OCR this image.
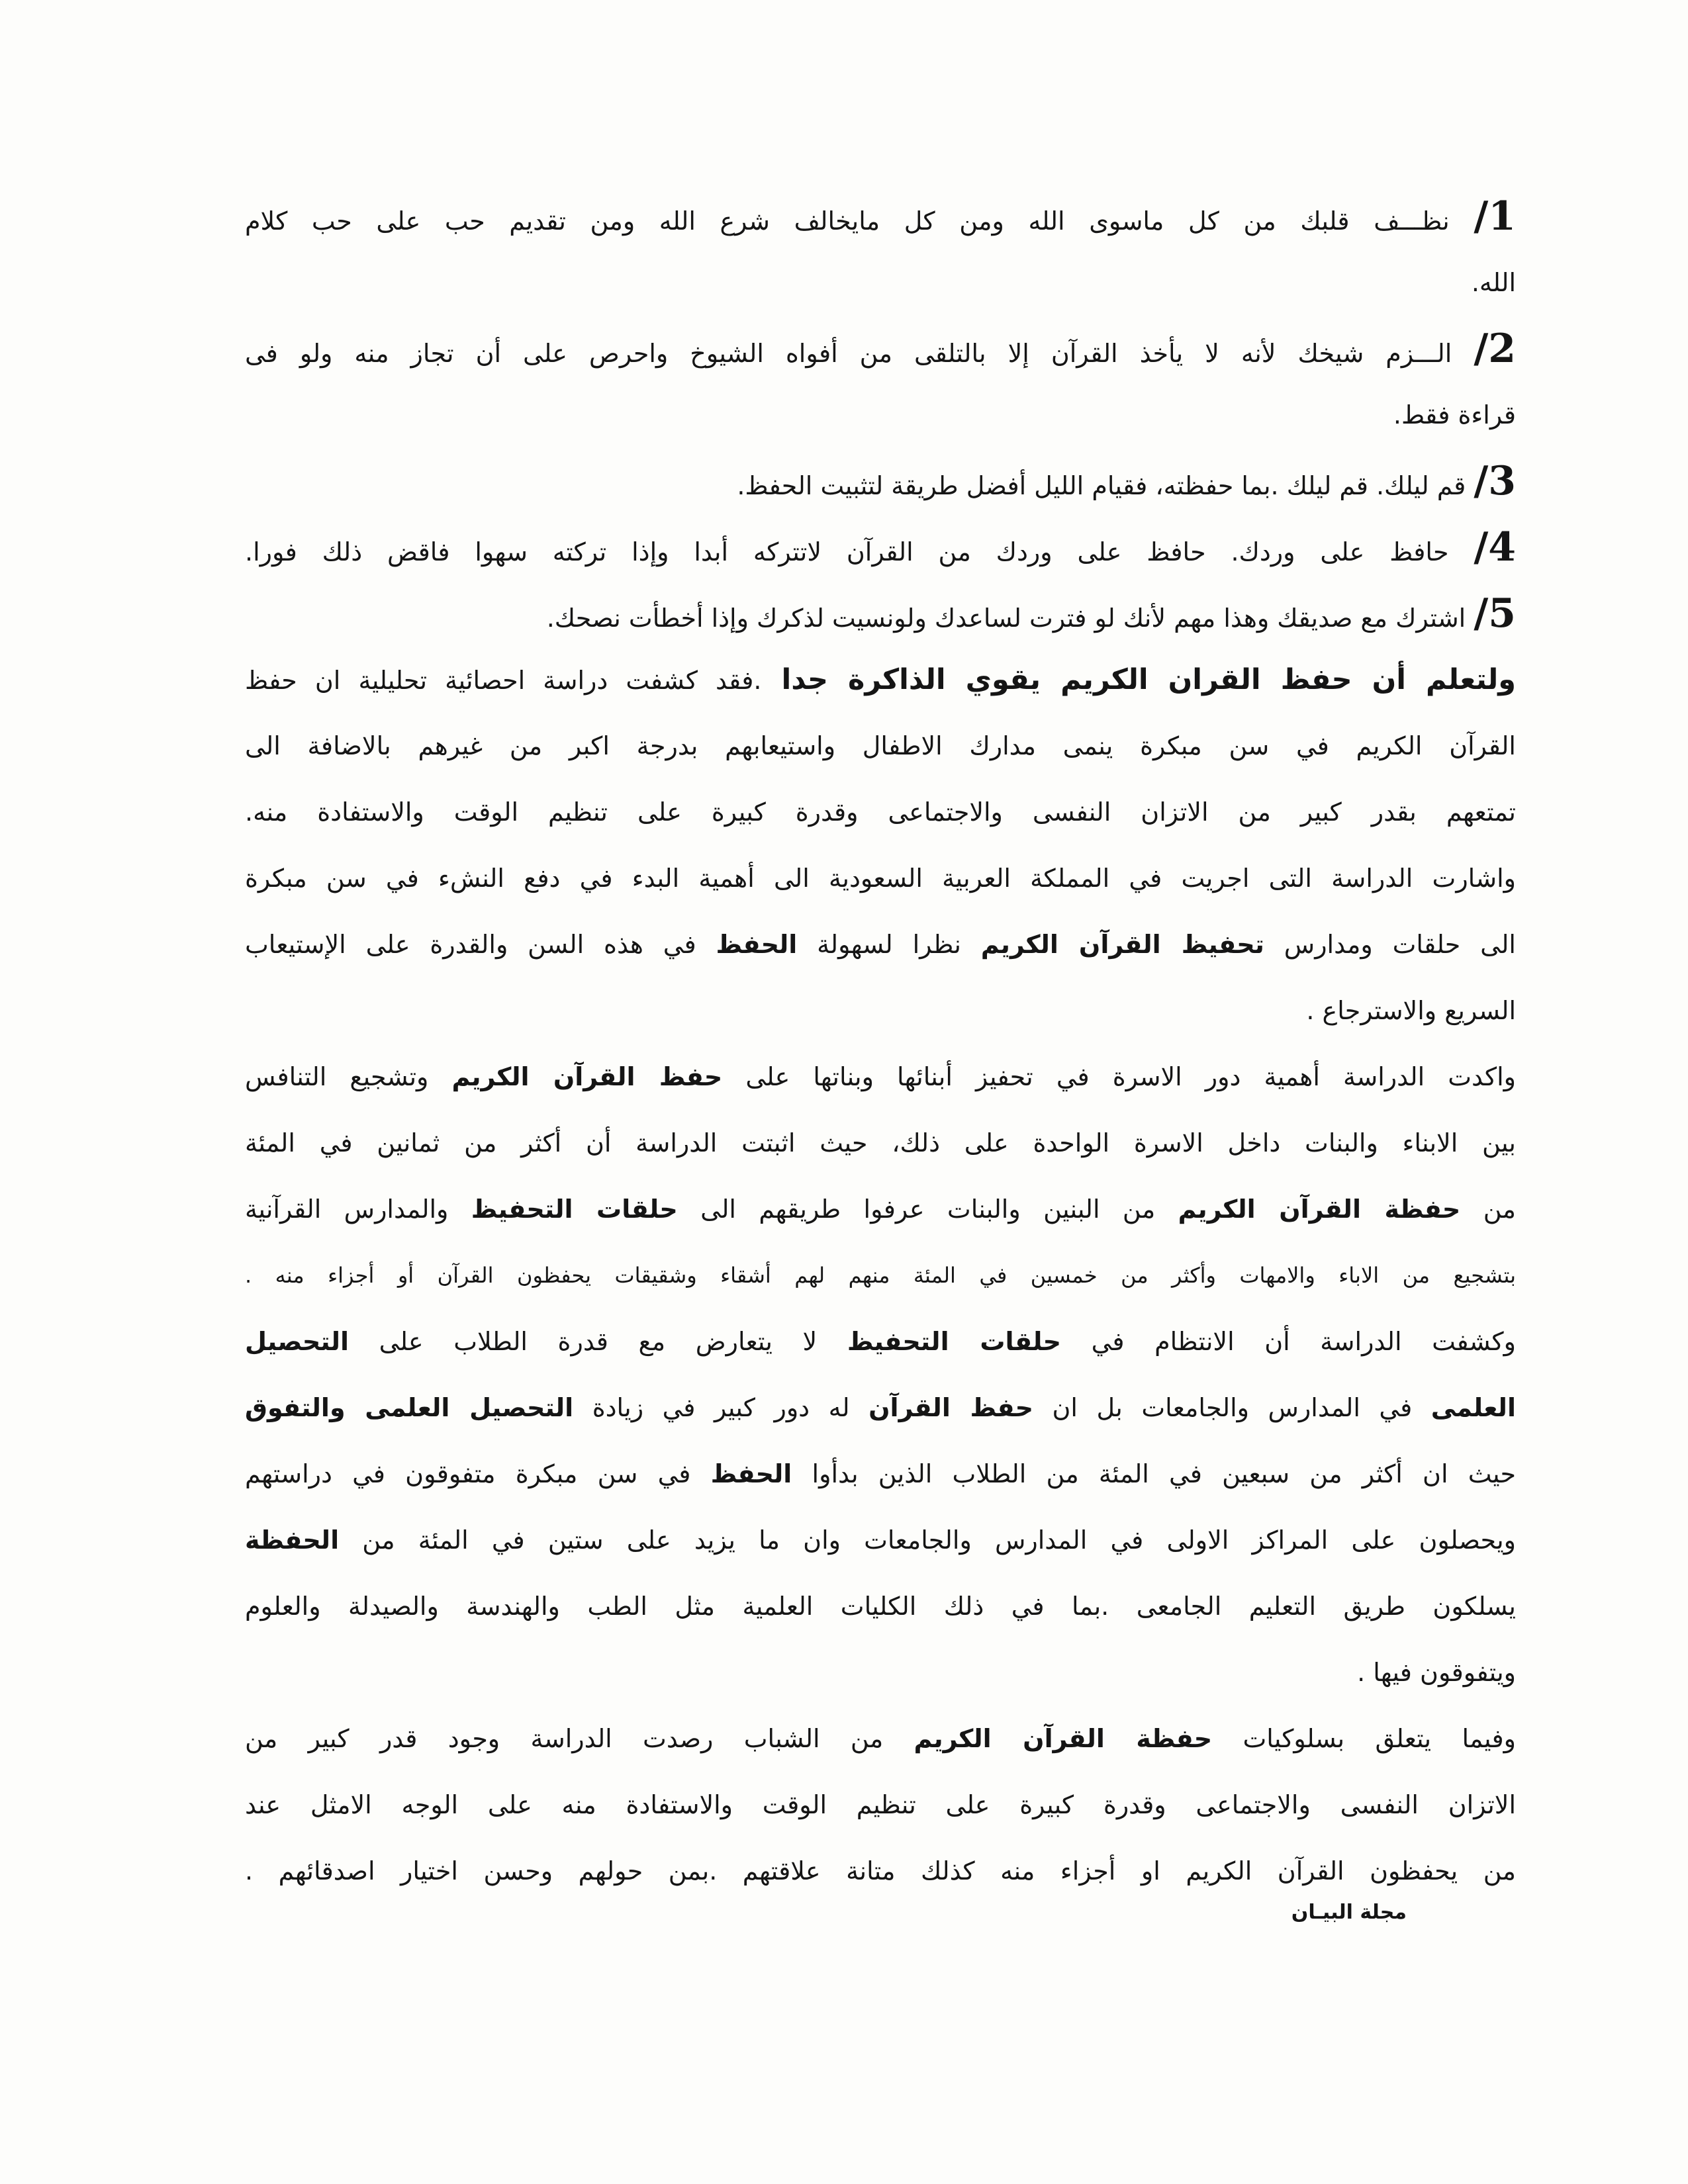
1/ نظـــف قلبك من كل ماسوى الله ومن كل مايخالف شرع الله ومن تقديم حب على حب كلام
الله.
2/ الـــزم شيخك لأنه لا يأخذ القرآن إلا بالتلقى من أفواه الشيوخ واحرص على أن تجاز منه ولو فى
قراءة فقط.
3/ قم ليلك. قم ليلك .بما حفظته، فقيام الليل أفضل طريقة لتثبيت الحفظ.
4/ حافظ على وردك. حافظ على وردك من القرآن لاتتركه أبدا وإذا تركته سهوا فاقض ذلك فورا.
5/ اشترك مع صديقك وهذا مهم لأنك لو فترت لساعدك ولونسيت لذكرك وإذا أخطأت نصحك.
ولتعلم أن حفظ القران الكريم يقوي الذاكرة جدا .فقد كشفت دراسة احصائية تحليلية ان حفظ
القرآن الكريم في سن مبكرة ينمى مدارك الاطفال واستيعابهم بدرجة اكبر من غيرهم بالاضافة الى
تمتعهم بقدر كبير من الاتزان النفسى والاجتماعى وقدرة كبيرة على تنظيم الوقت والاستفادة منه.
واشارت الدراسة التى اجريت في المملكة العربية السعودية الى أهمية البدء في دفع النشء في سن مبكرة
الى حلقات ومدارس تحفيظ القرآن الكريم نظرا لسهولة الحفظ في هذه السن والقدرة على الإستيعاب
السريع والاسترجاع .
واكدت الدراسة أهمية دور الاسرة في تحفيز أبنائها وبناتها على حفظ القرآن الكريم وتشجيع التنافس
بين الابناء والبنات داخل الاسرة الواحدة على ذلك، حيث اثبتت الدراسة أن أكثر من ثمانين في المئة
من حفظة القرآن الكريم من البنين والبنات عرفوا طريقهم الى حلقات التحفيظ والمدارس القرآنية
بتشجيع من الاباء والامهات وأكثر من خمسين في المئة منهم لهم أشقاء وشقيقات يحفظون القرآن أو أجزاء منه .
وكشفت الدراسة أن الانتظام في حلقات التحفيظ لا يتعارض مع قدرة الطلاب على التحصيل
العلمى في المدارس والجامعات بل ان حفظ القرآن له دور كبير في زيادة التحصيل العلمى والتفوق
حيث ان أكثر من سبعين في المئة من الطلاب الذين بدأوا الحفظ في سن مبكرة متفوقون في دراستهم
ويحصلون على المراكز الاولى في المدارس والجامعات وان ما يزيد على ستين في المئة من الحفظة
يسلكون طريق التعليم الجامعى .بما في ذلك الكليات العلمية مثل الطب والهندسة والصيدلة والعلوم
ويتفوقون فيها .
وفيما يتعلق بسلوكيات حفظة القرآن الكريم من الشباب رصدت الدراسة وجود قدر كبير من
الاتزان النفسى والاجتماعى وقدرة كبيرة على تنظيم الوقت والاستفادة منه على الوجه الامثل عند
من يحفظون القرآن الكريم او أجزاء منه كذلك متانة علاقتهم .بمن حولهم وحسن اختيار اصدقائهم .
مجلة البيـان
